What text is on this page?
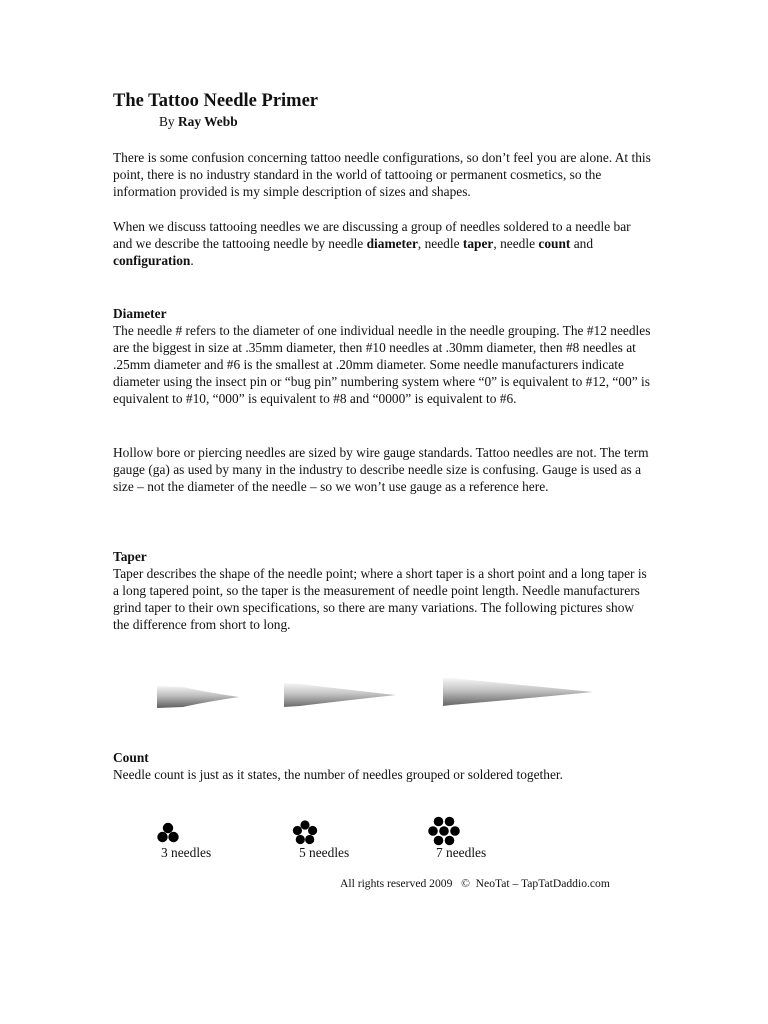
The Tattoo Needle Primer
By Ray Webb

There is some confusion concerning tattoo needle configurations, so don’t feel you are alone. At this point, there is no industry standard in the world of tattooing or permanent cosmetics, so the information provided is my simple description of sizes and shapes.

When we discuss tattooing needles we are discussing a group of needles soldered to a needle bar and we describe the tattooing needle by needle diameter, needle taper, needle count and configuration.

Diameter

The needle # refers to the diameter of one individual needle in the needle grouping. The #12 needles are the biggest in size at .35mm diameter, then #10 needles at .30mm diameter, then #8 needles at .25mm diameter and #6 is the smallest at .20mm diameter. Some needle manufacturers indicate diameter using the insect pin or “bug pin” numbering system where “0” is equivalent to #12, “00” is equivalent to #10, “000” is equivalent to #8 and “0000” is equivalent to #6.

Hollow bore or piercing needles are sized by wire gauge standards. Tattoo needles are not. The term gauge (ga) as used by many in the industry to describe needle size is confusing. Gauge is used as a size – not the diameter of the needle – so we won’t use gauge as a reference here.

Taper

Taper describes the shape of the needle point; where a short taper is a short point and a long taper is a long tapered point, so the taper is the measurement of needle point length. Needle manufacturers grind taper to their own specifications, so there are many variations. The following pictures show the difference from short to long.

Count

Needle count is just as it states, the number of needles grouped or soldered together.

3 needles	5 needles	7 needles
All rights reserved 2009   ©  NeoTat – TapTatDaddio.com
